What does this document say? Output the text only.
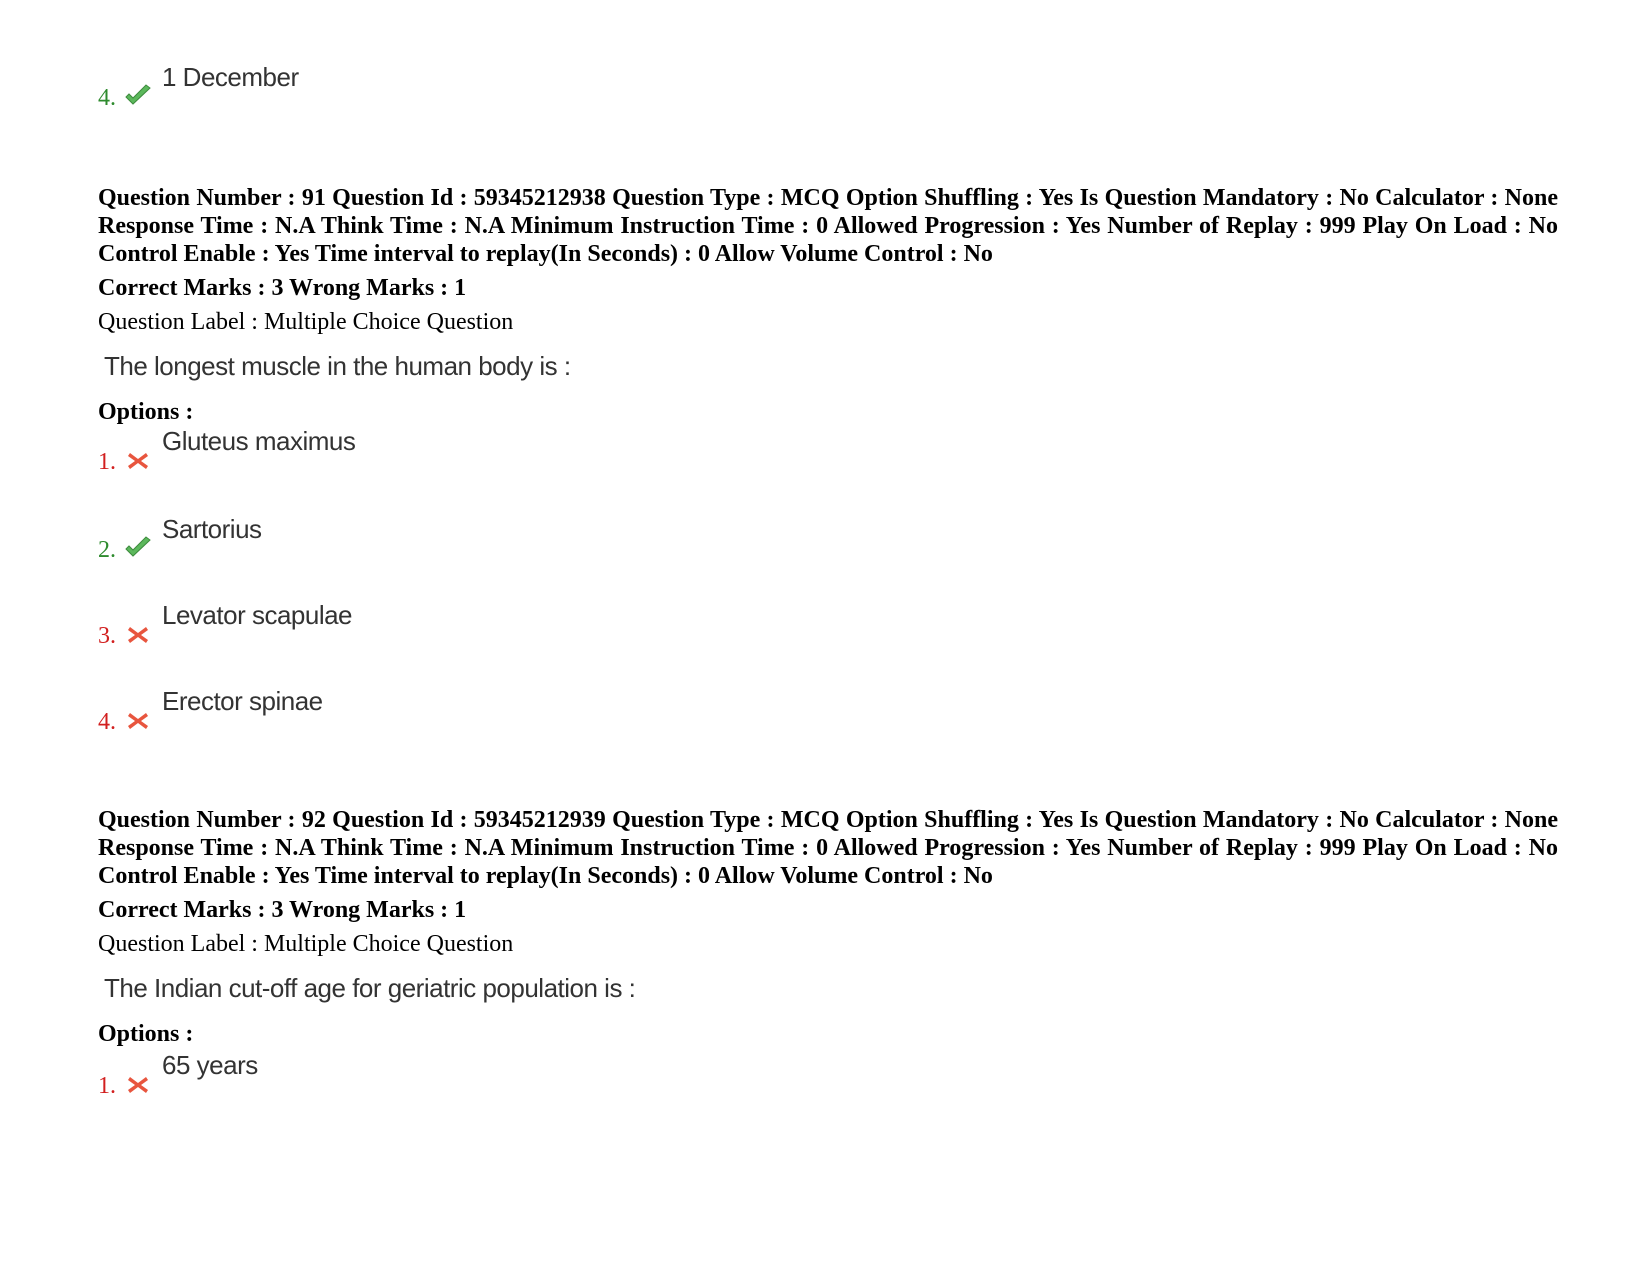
4.
1 December

Question Number : 91 Question Id : 59345212938 Question Type : MCQ Option Shuffling : Yes Is Question Mandatory : No Calculator : None Response Time : N.A Think Time : N.A Minimum Instruction Time : 0 Allowed Progression : Yes Number of Replay : 999 Play On Load : No Control Enable : Yes Time interval to replay(In Seconds) : 0 Allow Volume Control : No

Correct Marks : 3 Wrong Marks : 1

Question Label : Multiple Choice Question

The longest muscle in the human body is :

Options :

1.
Gluteus maximus
2.
Sartorius
3.
Levator scapulae
4.
Erector spinae

Question Number : 92 Question Id : 59345212939 Question Type : MCQ Option Shuffling : Yes Is Question Mandatory : No Calculator : None Response Time : N.A Think Time : N.A Minimum Instruction Time : 0 Allowed Progression : Yes Number of Replay : 999 Play On Load : No Control Enable : Yes Time interval to replay(In Seconds) : 0 Allow Volume Control : No

Correct Marks : 3 Wrong Marks : 1

Question Label : Multiple Choice Question

The Indian cut-off age for geriatric population is :

Options :

1.
65 years
